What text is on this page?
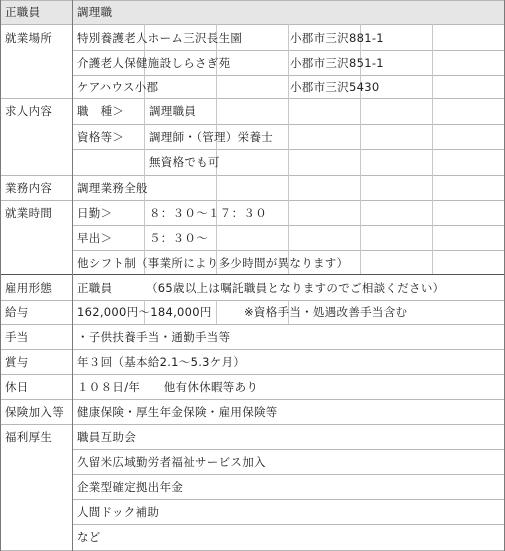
正職員	調理職
就業場所 特別養護老人ホーム三沢長生園	小郡市三沢881-1
介護老人保健施設しらさぎ苑	小郡市三沢851-1
ケアハウス小郡	小郡市三沢5430
求人内容 職　種＞ 調理職員
資格等＞ 調理師・（管理）栄養士
無資格でも可
業務内容 調理業務全般
就業時間 日勤＞	８：３０～１７：３０
早出＞	５：３０～
他シフト制（事業所により多少時間が異なります）
雇用形態 正職員	（65歳以上は嘱託職員となりますのでご相談ください）
給与	162,000円～184,000円	※資格手当・処遇改善手当含む
手当	・子供扶養手当・通勤手当等
賞与	年３回（基本給2.1～5.3ケ月）
休日	１０８日/年　　他有休休暇等あり
保険加入等 健康保険・厚生年金保険・雇用保険等
福利厚生 職員互助会
久留米広域勤労者福祉サービス加入
企業型確定拠出年金
人間ドック補助
など
